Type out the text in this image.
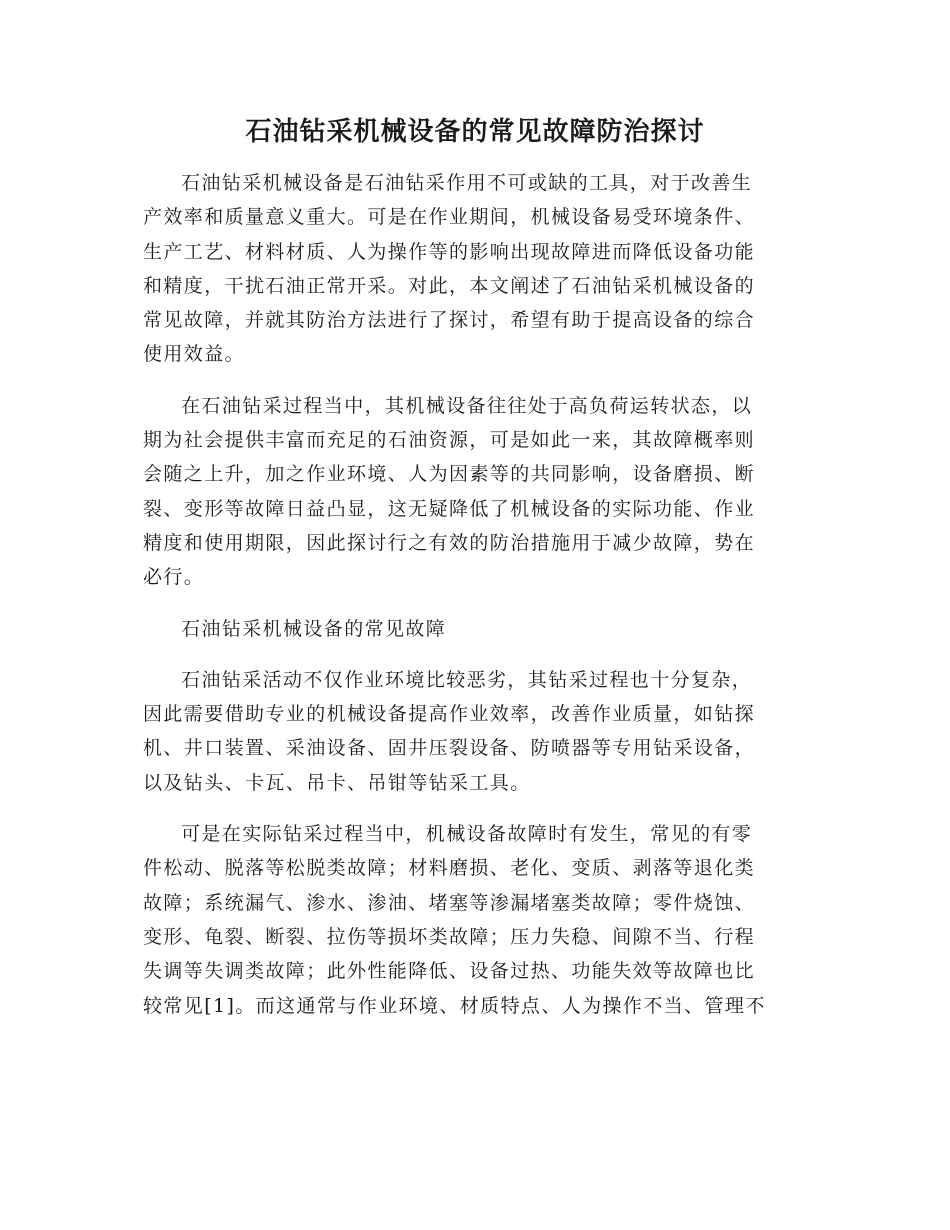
石油钻采机械设备的常见故障防治探讨

石油钻采机械设备是石油钻采作用不可或缺的工具，对于改善生
产效率和质量意义重大。可是在作业期间，机械设备易受环境条件、
生产工艺、材料材质、人为操作等的影响出现故障进而降低设备功能
和精度，干扰石油正常开采。对此，本文阐述了石油钻采机械设备的
常见故障，并就其防治方法进行了探讨，希望有助于提高设备的综合
使用效益。

在石油钻采过程当中，其机械设备往往处于高负荷运转状态，以
期为社会提供丰富而充足的石油资源，可是如此一来，其故障概率则
会随之上升，加之作业环境、人为因素等的共同影响，设备磨损、断
裂、变形等故障日益凸显，这无疑降低了机械设备的实际功能、作业
精度和使用期限，因此探讨行之有效的防治措施用于减少故障，势在
必行。

石油钻采机械设备的常见故障

石油钻采活动不仅作业环境比较恶劣，其钻采过程也十分复杂，
因此需要借助专业的机械设备提高作业效率，改善作业质量，如钻探
机、井口装置、采油设备、固井压裂设备、防喷器等专用钻采设备，
以及钻头、卡瓦、吊卡、吊钳等钻采工具。

可是在实际钻采过程当中，机械设备故障时有发生，常见的有零
件松动、脱落等松脱类故障；材料磨损、老化、变质、剥落等退化类
故障；系统漏气、渗水、渗油、堵塞等渗漏堵塞类故障；零件烧蚀、
变形、龟裂、断裂、拉伤等损坏类故障；压力失稳、间隙不当、行程
失调等失调类故障；此外性能降低、设备过热、功能失效等故障也比
较常见[1]。而这通常与作业环境、材质特点、人为操作不当、管理不
